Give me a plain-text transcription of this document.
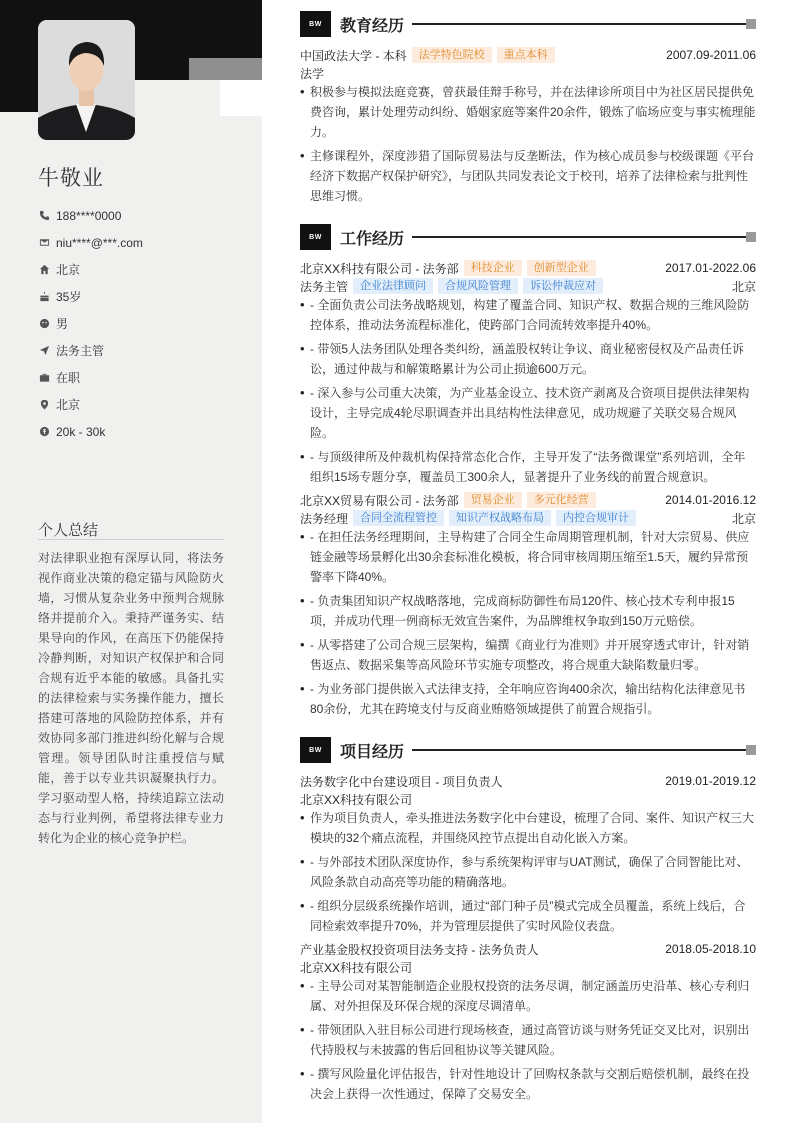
牛敬业
188****0000
niu****@***.com
北京
35岁
男
法务主管
在职
北京
20k - 30k
个人总结
对法律职业抱有深厚认同，将法务视作商业决策的稳定锚与风险防火墙，习惯从复杂业务中预判合规脉络并提前介入。秉持严谨务实、结果导向的作风，在高压下仍能保持冷静判断，对知识产权保护和合同合规有近乎本能的敏感。具备扎实的法律检索与实务操作能力，擅长搭建可落地的风险防控体系，并有效协同多部门推进纠纷化解与合规管理。领导团队时注重授信与赋能，善于以专业共识凝聚执行力。学习驱动型人格，持续追踪立法动态与行业判例，希望将法律专业力转化为企业的核心竞争护栏。
BW	教育经历
中国政法大学 - 本科	法学特色院校	重点本科	2007.09-2011.06
法学
• 积极参与模拟法庭竞赛，曾获最佳辩手称号，并在法律诊所项目中为社区居民提供免费咨询，累计处理劳动纠纷、婚姻家庭等案件20余件，锻炼了临场应变与事实梳理能力。
• 主修课程外，深度涉猎了国际贸易法与反垄断法，作为核心成员参与校级课题《平台经济下数据产权保护研究》，与团队共同发表论文于校刊，培养了法律检索与批判性思维习惯。
BW	工作经历
北京XX科技有限公司 - 法务部	科技企业	创新型企业	2017.01-2022.06
法务主管	企业法律顾问	合规风险管理	诉讼仲裁应对	北京
• - 全面负责公司法务战略规划，构建了覆盖合同、知识产权、数据合规的三维风险防控体系，推动法务流程标准化，使跨部门合同流转效率提升40%。
• - 带领5人法务团队处理各类纠纷，涵盖股权转让争议、商业秘密侵权及产品责任诉讼，通过仲裁与和解策略累计为公司止损逾600万元。
• - 深入参与公司重大决策，为产业基金设立、技术资产剥离及合资项目提供法律架构设计，主导完成4轮尽职调查并出具结构性法律意见，成功规避了关联交易合规风险。
• - 与顶级律所及仲裁机构保持常态化合作，主导开发了“法务微课堂”系列培训，全年组织15场专题分享，覆盖员工300余人，显著提升了业务线的前置合规意识。
北京XX贸易有限公司 - 法务部	贸易企业	多元化经营	2014.01-2016.12
法务经理	合同全流程管控	知识产权战略布局	内控合规审计	北京
• - 在担任法务经理期间，主导构建了合同全生命周期管理机制，针对大宗贸易、供应链金融等场景孵化出30余套标准化模板，将合同审核周期压缩至1.5天，履约异常预警率下降40%。
• - 负责集团知识产权战略落地，完成商标防御性布局120件、核心技术专利申报15项，并成功代理一例商标无效宣告案件，为品牌维权争取到150万元赔偿。
• - 从零搭建了公司合规三层架构，编撰《商业行为准则》并开展穿透式审计，针对销售返点、数据采集等高风险环节实施专项整改，将合规重大缺陷数量归零。
• - 为业务部门提供嵌入式法律支持，全年响应咨询400余次，输出结构化法律意见书80余份，尤其在跨境支付与反商业贿赂领域提供了前置合规指引。
BW	项目经历
法务数字化中台建设项目 - 项目负责人	2019.01-2019.12
北京XX科技有限公司
• 作为项目负责人，牵头推进法务数字化中台建设，梳理了合同、案件、知识产权三大模块的32个痛点流程，并围绕风控节点提出自动化嵌入方案。
• - 与外部技术团队深度协作，参与系统架构评审与UAT测试，确保了合同智能比对、风险条款自动高亮等功能的精确落地。
• - 组织分层级系统操作培训，通过“部门种子员”模式完成全员覆盖，系统上线后，合同检索效率提升70%，并为管理层提供了实时风险仪表盘。
产业基金股权投资项目法务支持 - 法务负责人	2018.05-2018.10
北京XX科技有限公司
• - 主导公司对某智能制造企业股权投资的法务尽调，制定涵盖历史沿革、核心专利归属、对外担保及环保合规的深度尽调清单。
• - 带领团队入驻目标公司进行现场核查，通过高管访谈与财务凭证交叉比对，识别出代持股权与未披露的售后回租协议等关键风险。
• - 撰写风险量化评估报告，针对性地设计了回购权条款与交割后赔偿机制，最终在投决会上获得一次性通过，保障了交易安全。
